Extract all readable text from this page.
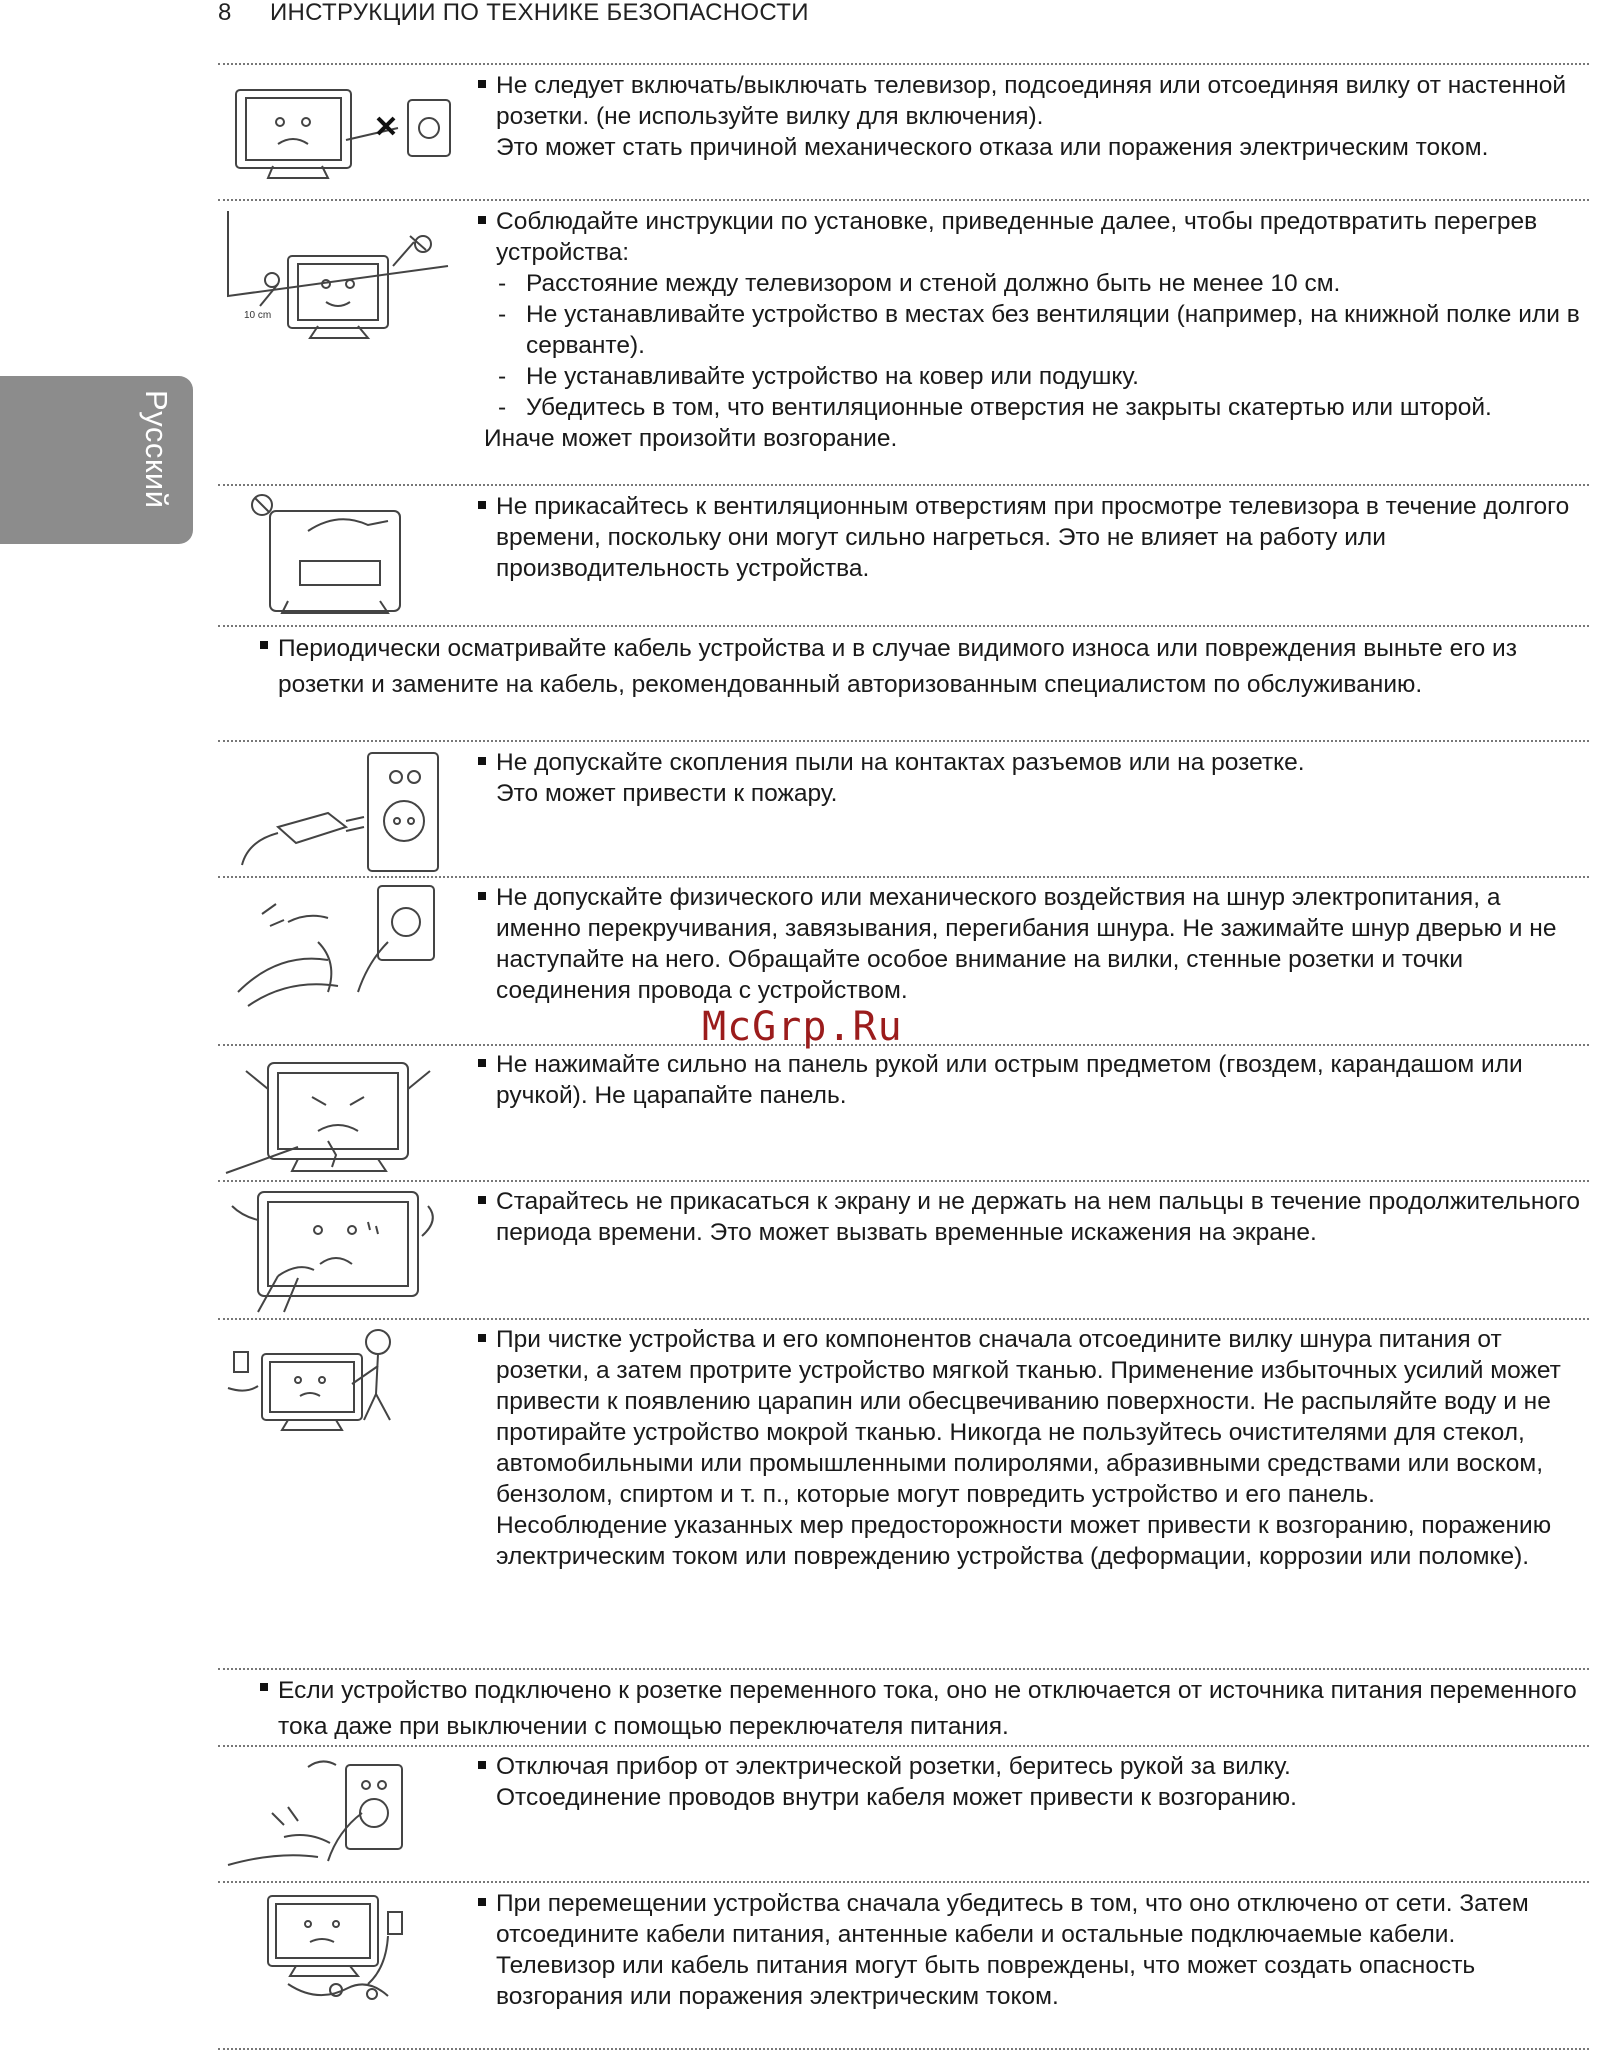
8 ИНСТРУКЦИИ ПО ТЕХНИКЕ БЕЗОПАСНОСТИ
Русский
Не следует включать/выключать телевизор, подсоединяя или отсоединяя вилку от настенной розетки. (не используйте вилку для включения).
Это может стать причиной механического отказа или поражения электрическим током.
10 cm
Соблюдайте инструкции по установке, приведенные далее, чтобы предотвратить перегрев устройства:
- Расстояние между телевизором и стеной должно быть не менее 10 см.
- Не устанавливайте устройство в местах без вентиляции (например, на книжной полке или в серванте).
- Не устанавливайте устройство на ковер или подушку.
- Убедитесь в том, что вентиляционные отверстия не закрыты скатертью или шторой.
Иначе может произойти возгорание.
Не прикасайтесь к вентиляционным отверстиям при просмотре телевизора в течение долгого времени, поскольку они могут сильно нагреться. Это не влияет на работу или производительность устройства.
Периодически осматривайте кабель устройства и в случае видимого износа или повреждения выньте его из розетки и замените на кабель, рекомендованный авторизованным специалистом по обслуживанию.
Не допускайте скопления пыли на контактах разъемов или на розетке.
Это может привести к пожару.
Не допускайте физического или механического воздействия на шнур электропитания, а именно перекручивания, завязывания, перегибания шнура. Не зажимайте шнур дверью и не наступайте на него. Обращайте особое внимание на вилки, стенные розетки и точки соединения провода с устройством.
McGrp.Ru
Не нажимайте сильно на панель рукой или острым предметом (гвоздем, карандашом или ручкой). Не царапайте панель.
Старайтесь не прикасаться к экрану и не держать на нем пальцы в течение продолжительного периода времени. Это может вызвать временные искажения на экране.
При чистке устройства и его компонентов сначала отсоедините вилку шнура питания от розетки, а затем протрите устройство мягкой тканью. Применение избыточных усилий может привести к появлению царапин или обесцвечиванию поверхности. Не распыляйте воду и не протирайте устройство мокрой тканью. Никогда не пользуйтесь очистителями для стекол, автомобильными или промышленными полиролями, абразивными средствами или воском, бензолом, спиртом и т. п., которые могут повредить устройство и его панель.
Несоблюдение указанных мер предосторожности может привести к возгоранию, поражению электрическим током или повреждению устройства (деформации, коррозии или поломке).
Если устройство подключено к розетке переменного тока, оно не отключается от источника питания переменного тока даже при выключении с помощью переключателя питания.
Отключая прибор от электрической розетки, беритесь рукой за вилку.
Отсоединение проводов внутри кабеля может привести к возгоранию.
При перемещении устройства сначала убедитесь в том, что оно отключено от сети. Затем отсоедините кабели питания, антенные кабели и остальные подключаемые кабели.
Телевизор или кабель питания могут быть повреждены, что может создать опасность возгорания или поражения электрическим током.
